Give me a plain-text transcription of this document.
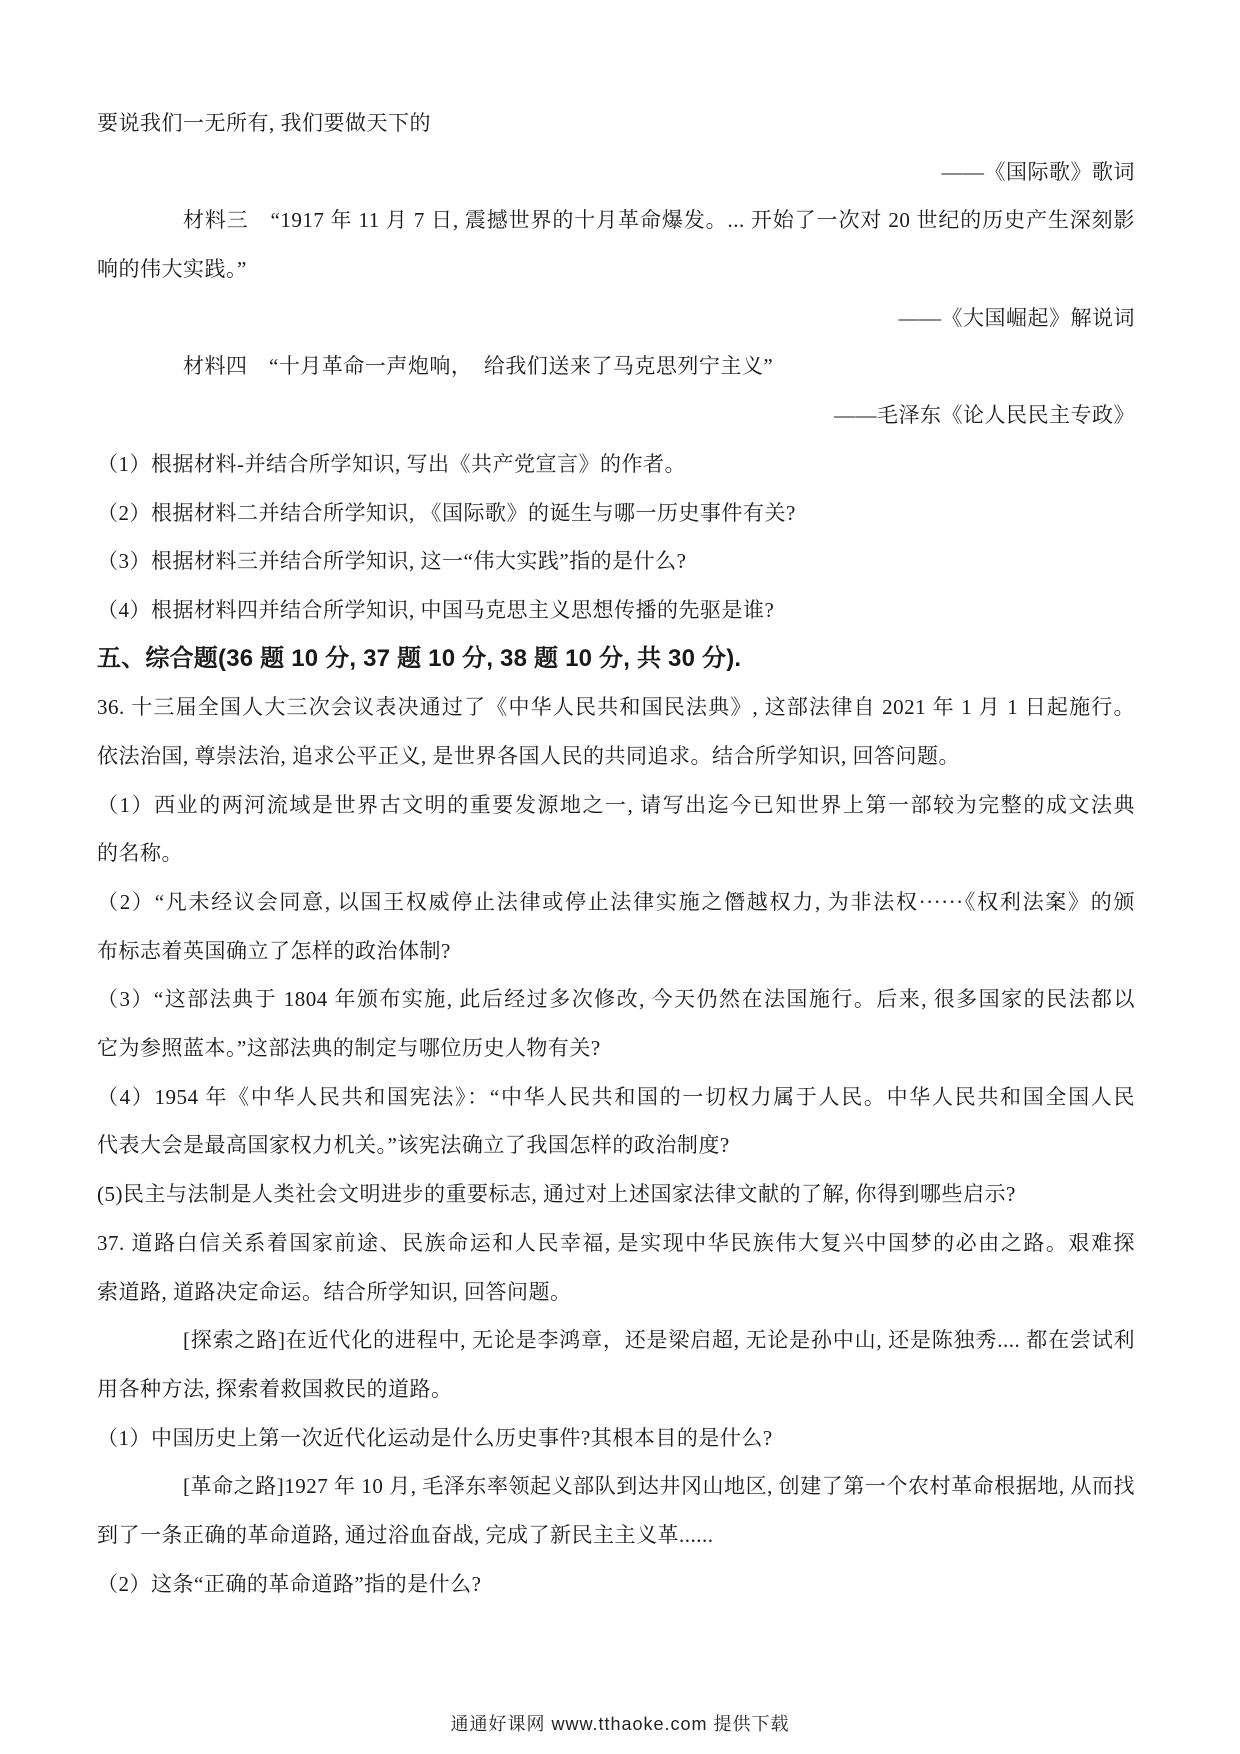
要说我们一无所有, 我们要做天下的
——《国际歌》歌词
材料三　“1917 年 11 月 7 日, 震撼世界的十月革命爆发。... 开始了一次对 20 世纪的历史产生深刻影
响的伟大实践。”
——《大国崛起》解说词
材料四　“十月革命一声炮响，  给我们送来了马克思列宁主义”
——毛泽东《论人民民主专政》
（1）根据材料-并结合所学知识, 写出《共产党宣言》的作者。
（2）根据材料二并结合所学知识, 《国际歌》的诞生与哪一历史事件有关?
（3）根据材料三并结合所学知识, 这一“伟大实践”指的是什么?
（4）根据材料四并结合所学知识, 中国马克思主义思想传播的先驱是谁?
五、综合题(36 题 10 分, 37 题 10 分, 38 题 10 分, 共 30 分).
36. 十三届全国人大三次会议表决通过了《中华人民共和国民法典》, 这部法律自 2021 年 1 月 1 日起施行。
依法治国, 尊崇法治, 追求公平正义, 是世界各国人民的共同追求。结合所学知识, 回答问题。
（1）西业的两河流域是世界古文明的重要发源地之一, 请写出迄今已知世界上第一部较为完整的成文法典
的名称。
（2）“凡未经议会同意, 以国王权威停止法律或停止法律实施之僭越权力, 为非法权······《权利法案》的颁
布标志着英国确立了怎样的政治体制?
（3）“这部法典于 1804 年颁布实施, 此后经过多次修改, 今天仍然在法国施行。后来, 很多国家的民法都以
它为参照蓝本。”这部法典的制定与哪位历史人物有关?
（4）1954 年《中华人民共和国宪法》：“中华人民共和国的一切权力属于人民。中华人民共和国全国人民
代表大会是最高国家权力机关。”该宪法确立了我国怎样的政治制度?
(5)民主与法制是人类社会文明进步的重要标志, 通过对上述国家法律文献的了解, 你得到哪些启示?
37. 道路白信关系着国家前途、民族命运和人民幸福, 是实现中华民族伟大复兴中国梦的必由之路。艰难探
索道路, 道路决定命运。结合所学知识, 回答问题。
[探索之路]在近代化的进程中, 无论是李鸿章，还是梁启超, 无论是孙中山, 还是陈独秀.... 都在尝试利
用各种方法, 探索着救国救民的道路。
（1）中国历史上第一次近代化运动是什么历史事件?其根本目的是什么?
[革命之路]1927 年 10 月, 毛泽东率领起义部队到达井冈山地区, 创建了第一个农村革命根据地, 从而找
到了一条正确的革命道路, 通过浴血奋战, 完成了新民主主义革......
（2）这条“正确的革命道路”指的是什么?
通通好课网 www.tthaoke.com 提供下载
